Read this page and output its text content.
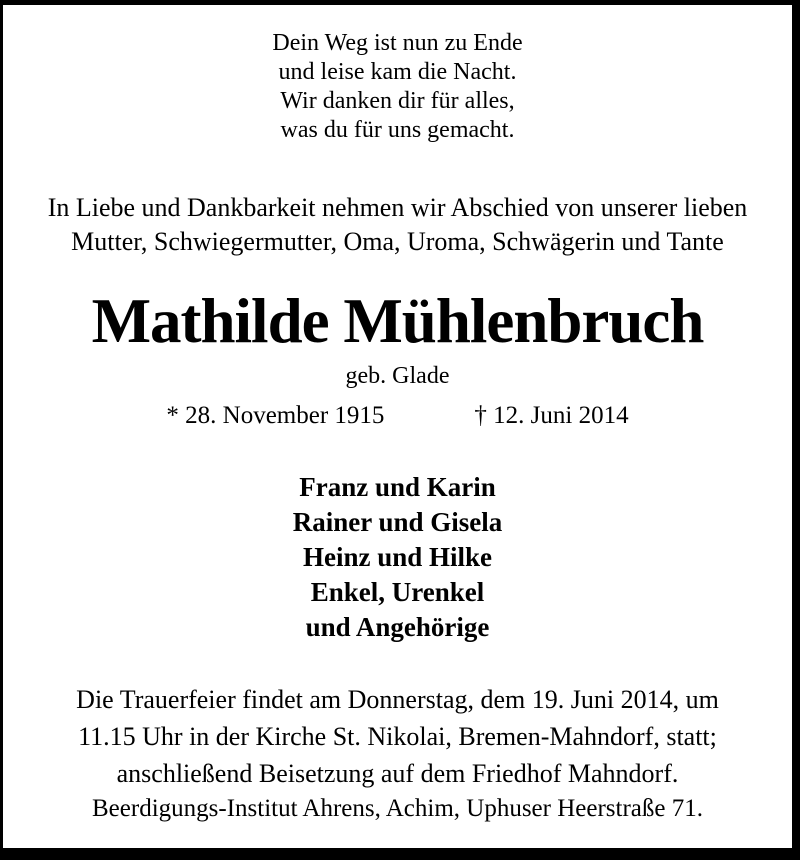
Dein Weg ist nun zu Ende
und leise kam die Nacht.
Wir danken dir für alles,
was du für uns gemacht.
In Liebe und Dankbarkeit nehmen wir Abschied von unserer lieben
Mutter, Schwiegermutter, Oma, Uroma, Schwägerin und Tante
Mathilde Mühlenbruch
geb. Glade
* 28. November 1915	† 12. Juni 2014
Franz und Karin
Rainer und Gisela
Heinz und Hilke
Enkel, Urenkel
und Angehörige
Die Trauerfeier findet am Donnerstag, dem 19. Juni 2014, um
11.15 Uhr in der Kirche St. Nikolai, Bremen-Mahndorf, statt;
anschließend Beisetzung auf dem Friedhof Mahndorf.
Beerdigungs-Institut Ahrens, Achim, Uphuser Heerstraße 71.
